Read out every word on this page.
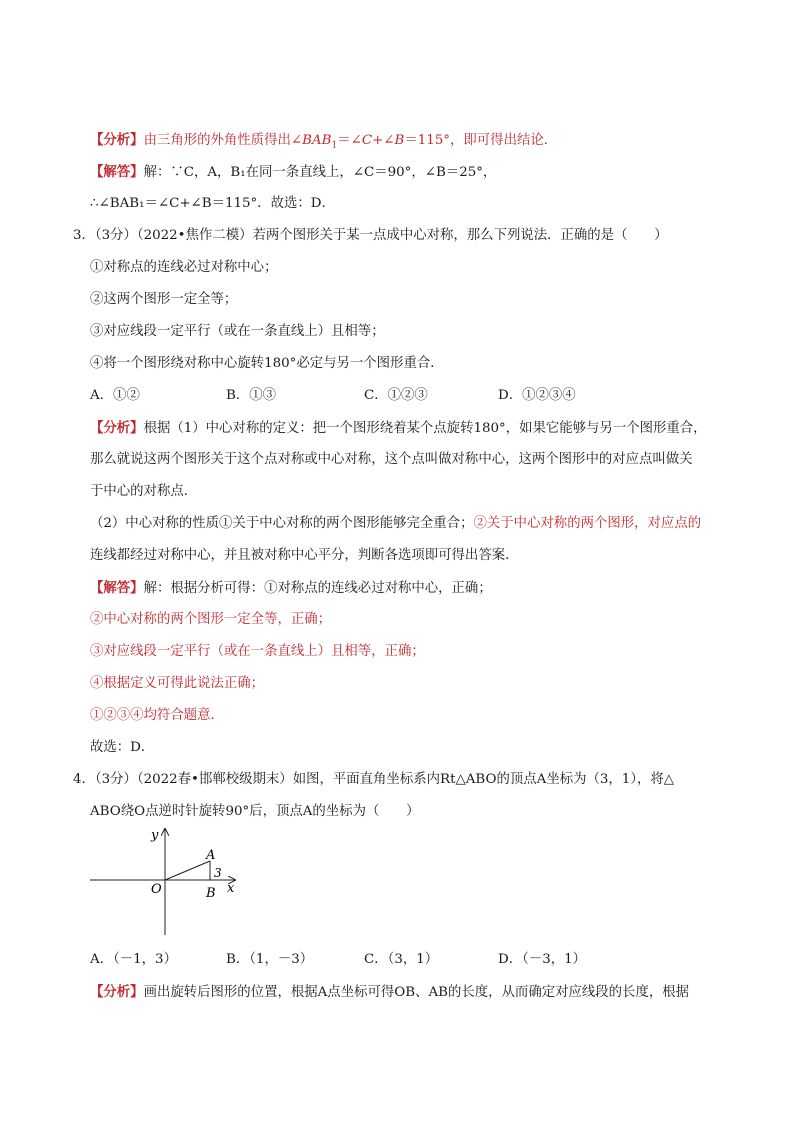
【分析】由三角形的外角性质得出$\angle BAB_1=\angle C+\angle B=115^\circ$，即可得出结论．
【解答】解：∵C，A，B₁在同一条直线上，∠C＝90°，∠B＝25°，
∴∠BAB₁＝∠C+∠B＝115°．故选：D．
3．（3分）（2022•焦作二模）若两个图形关于某一点成中心对称，那么下列说法．正确的是（　　）
①对称点的连线必过对称中心；
②这两个图形一定全等；
③对应线段一定平行（或在一条直线上）且相等；
④将一个图形绕对称中心旋转180°必定与另一个图形重合．
A．①②	B．①③	C．①②③	D．①②③④
【分析】根据（1）中心对称的定义：把一个图形绕着某个点旋转180°，如果它能够与另一个图形重合，
那么就说这两个图形关于这个点对称或中心对称，这个点叫做对称中心，这两个图形中的对应点叫做关
于中心的对称点．
（2）中心对称的性质①关于中心对称的两个图形能够完全重合；②关于中心对称的两个图形，对应点的
连线都经过对称中心，并且被对称中心平分，判断各选项即可得出答案．
【解答】解：根据分析可得：①对称点的连线必过对称中心，正确；
②中心对称的两个图形一定全等，正确；
③对应线段一定平行（或在一条直线上）且相等，正确；
④根据定义可得此说法正确；
①②③④均符合题意．
故选：D．
4．（3分）（2022春•邯郸校级期末）如图，平面直角坐标系内Rt△ABO的顶点A坐标为（3，1），将△
ABO绕O点逆时针旋转90°后，顶点A的坐标为（　　）
y
x
O
A
B
3
A．（－1，3）	B．（1，－3）	C．（3，1）	D．（－3，1）
【分析】画出旋转后图形的位置，根据A点坐标可得OB、AB的长度，从而确定对应线段的长度，根据
